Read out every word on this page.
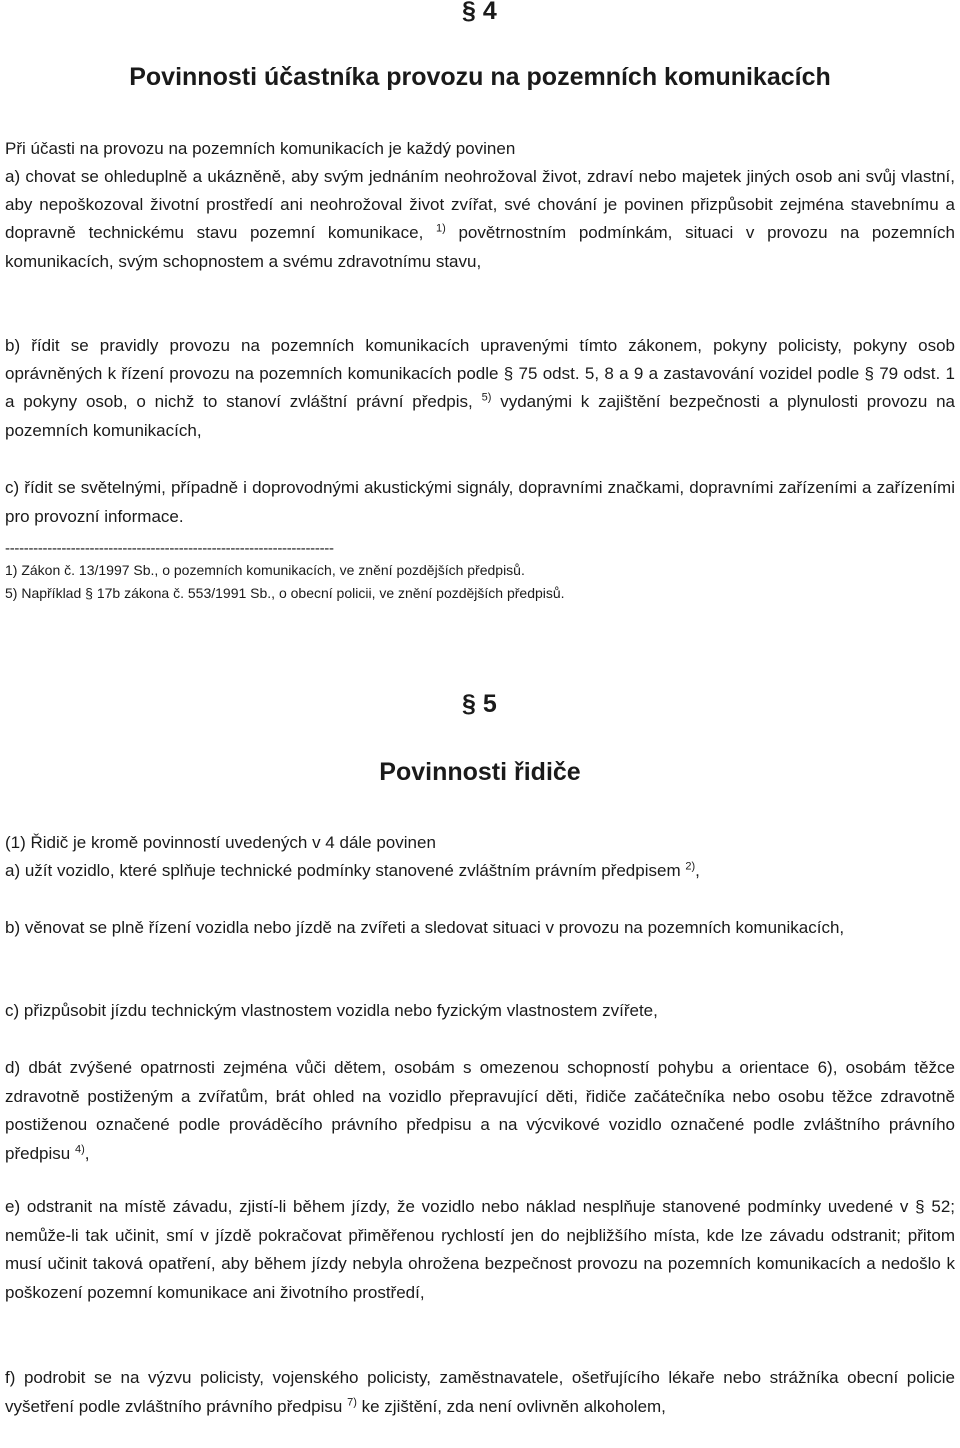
§ 4
Povinnosti účastníka provozu na pozemních komunikacích
Při účasti na provozu na pozemních komunikacích je každý povinen
a) chovat se ohleduplně a ukázněně, aby svým jednáním neohrožoval život, zdraví nebo majetek jiných osob ani svůj vlastní, aby nepoškozoval životní prostředí ani neohrožoval život zvířat, své chování je povinen přizpůsobit zejména stavebnímu a dopravně technickému stavu pozemní komunikace, $^{1)}$ povětrnostním podmínkám, situaci v provozu na pozemních komunikacích, svým schopnostem a svému zdravotnímu stavu,
b) řídit se pravidly provozu na pozemních komunikacích upravenými tímto zákonem, pokyny policisty, pokyny osob oprávněných k řízení provozu na pozemních komunikacích podle § 75 odst. 5, 8 a 9 a zastavování vozidel podle § 79 odst. 1 a pokyny osob, o nichž to stanoví zvláštní právní předpis, $^{5)}$ vydanými k zajištění bezpečnosti a plynulosti provozu na pozemních komunikacích,
c) řídit se světelnými, případně i doprovodnými akustickými signály, dopravními značkami, dopravními zařízeními a zařízeními pro provozní informace.
----------------------------------------------------------------------
1) Zákon č. 13/1997 Sb., o pozemních komunikacích, ve znění pozdějších předpisů.
5) Například § 17b zákona č. 553/1991 Sb., o obecní policii, ve znění pozdějších předpisů.
§ 5
Povinnosti řidiče
(1) Řidič je kromě povinností uvedených v 4 dále povinen
a) užít vozidlo, které splňuje technické podmínky stanovené zvláštním právním předpisem $^{2)}$,
b) věnovat se plně řízení vozidla nebo jízdě na zvířeti a sledovat situaci v provozu na pozemních komunikacích,
c) přizpůsobit jízdu technickým vlastnostem vozidla nebo fyzickým vlastnostem zvířete,
d) dbát zvýšené opatrnosti zejména vůči dětem, osobám s omezenou schopností pohybu a orientace 6), osobám těžce zdravotně postiženým a zvířatům, brát ohled na vozidlo přepravující děti, řidiče začátečníka nebo osobu těžce zdravotně postiženou označené podle prováděcího právního předpisu a na výcvikové vozidlo označené podle zvláštního právního předpisu $^{4)}$,
e) odstranit na místě závadu, zjistí-li během jízdy, že vozidlo nebo náklad nesplňuje stanovené podmínky uvedené v § 52; nemůže-li tak učinit, smí v jízdě pokračovat přiměřenou rychlostí jen do nejbližšího místa, kde lze závadu odstranit; přitom musí učinit taková opatření, aby během jízdy nebyla ohrožena bezpečnost provozu na pozemních komunikacích a nedošlo k poškození pozemní komunikace ani životního prostředí,
f) podrobit se na výzvu policisty, vojenského policisty, zaměstnavatele, ošetřujícího lékaře nebo strážníka obecní policie vyšetření podle zvláštního právního předpisu $^{7)}$ ke zjištění, zda není ovlivněn alkoholem,
